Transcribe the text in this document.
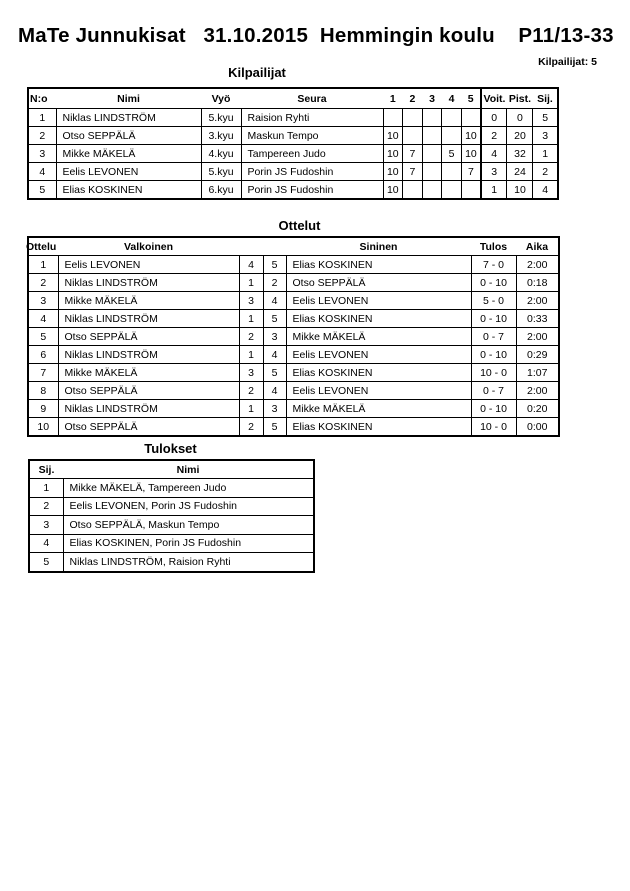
MaTe Junnukisat   31.10.2015  Hemmingin koulu    P11/13-33
Kilpailijat: 5
Kilpailijat
N:o	Nimi	Vyö	Seura	1	2	3	4	5	Voit.	Pist.	Sij.
1	Niklas LINDSTRÖM	5.kyu	Raision Ryhti						0	0	5
2	Otso SEPPÄLÄ	3.kyu	Maskun Tempo	10				10	2	20	3
3	Mikke MÄKELÄ	4.kyu	Tampereen Judo	10	7		5	10	4	32	1
4	Eelis LEVONEN	5.kyu	Porin JS Fudoshin	10	7			7	3	24	2
5	Elias KOSKINEN	6.kyu	Porin JS Fudoshin	10					1	10	4
Ottelut
Ottelu	Valkoinen			Sininen	Tulos	Aika
1	Eelis LEVONEN	4	5	Elias KOSKINEN	7 - 0	2:00
2	Niklas LINDSTRÖM	1	2	Otso SEPPÄLÄ	0 - 10	0:18
3	Mikke MÄKELÄ	3	4	Eelis LEVONEN	5 - 0	2:00
4	Niklas LINDSTRÖM	1	5	Elias KOSKINEN	0 - 10	0:33
5	Otso SEPPÄLÄ	2	3	Mikke MÄKELÄ	0 - 7	2:00
6	Niklas LINDSTRÖM	1	4	Eelis LEVONEN	0 - 10	0:29
7	Mikke MÄKELÄ	3	5	Elias KOSKINEN	10 - 0	1:07
8	Otso SEPPÄLÄ	2	4	Eelis LEVONEN	0 - 7	2:00
9	Niklas LINDSTRÖM	1	3	Mikke MÄKELÄ	0 - 10	0:20
10	Otso SEPPÄLÄ	2	5	Elias KOSKINEN	10 - 0	0:00
Tulokset
Sij.	Nimi
1	Mikke MÄKELÄ, Tampereen Judo
2	Eelis LEVONEN, Porin JS Fudoshin
3	Otso SEPPÄLÄ, Maskun Tempo
4	Elias KOSKINEN, Porin JS Fudoshin
5	Niklas LINDSTRÖM, Raision Ryhti
